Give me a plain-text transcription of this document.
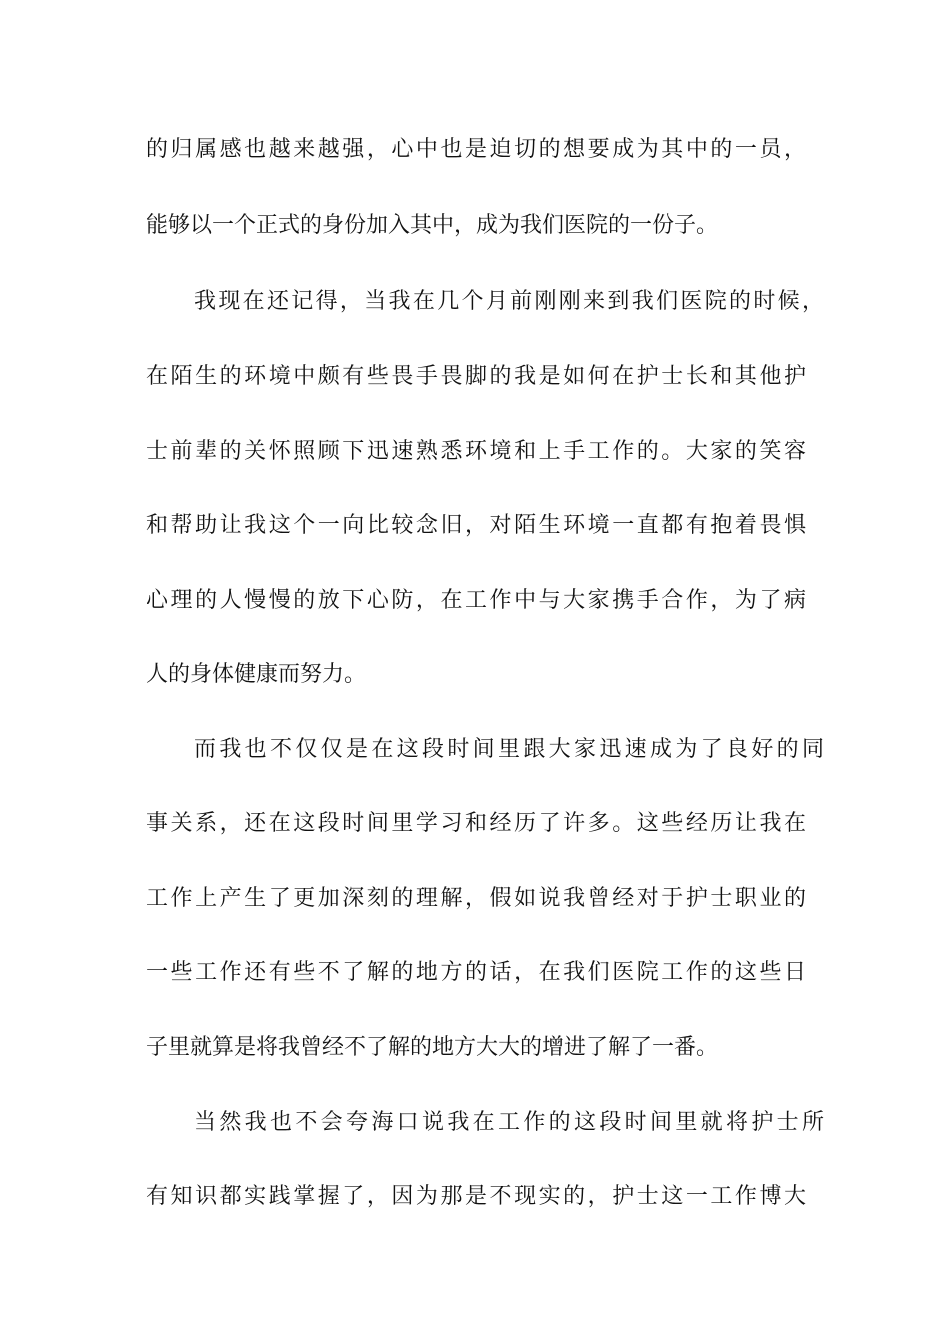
的归属感也越来越强，心中也是迫切的想要成为其中的一员，
能够以一个正式的身份加入其中，成为我们医院的一份子。
我现在还记得，当我在几个月前刚刚来到我们医院的时候，
在陌生的环境中颇有些畏手畏脚的我是如何在护士长和其他护
士前辈的关怀照顾下迅速熟悉环境和上手工作的。大家的笑容
和帮助让我这个一向比较念旧，对陌生环境一直都有抱着畏惧
心理的人慢慢的放下心防，在工作中与大家携手合作，为了病
人的身体健康而努力。
而我也不仅仅是在这段时间里跟大家迅速成为了良好的同
事关系，还在这段时间里学习和经历了许多。这些经历让我在
工作上产生了更加深刻的理解，假如说我曾经对于护士职业的
一些工作还有些不了解的地方的话，在我们医院工作的这些日
子里就算是将我曾经不了解的地方大大的增进了解了一番。
当然我也不会夸海口说我在工作的这段时间里就将护士所
有知识都实践掌握了，因为那是不现实的，护士这一工作博大
